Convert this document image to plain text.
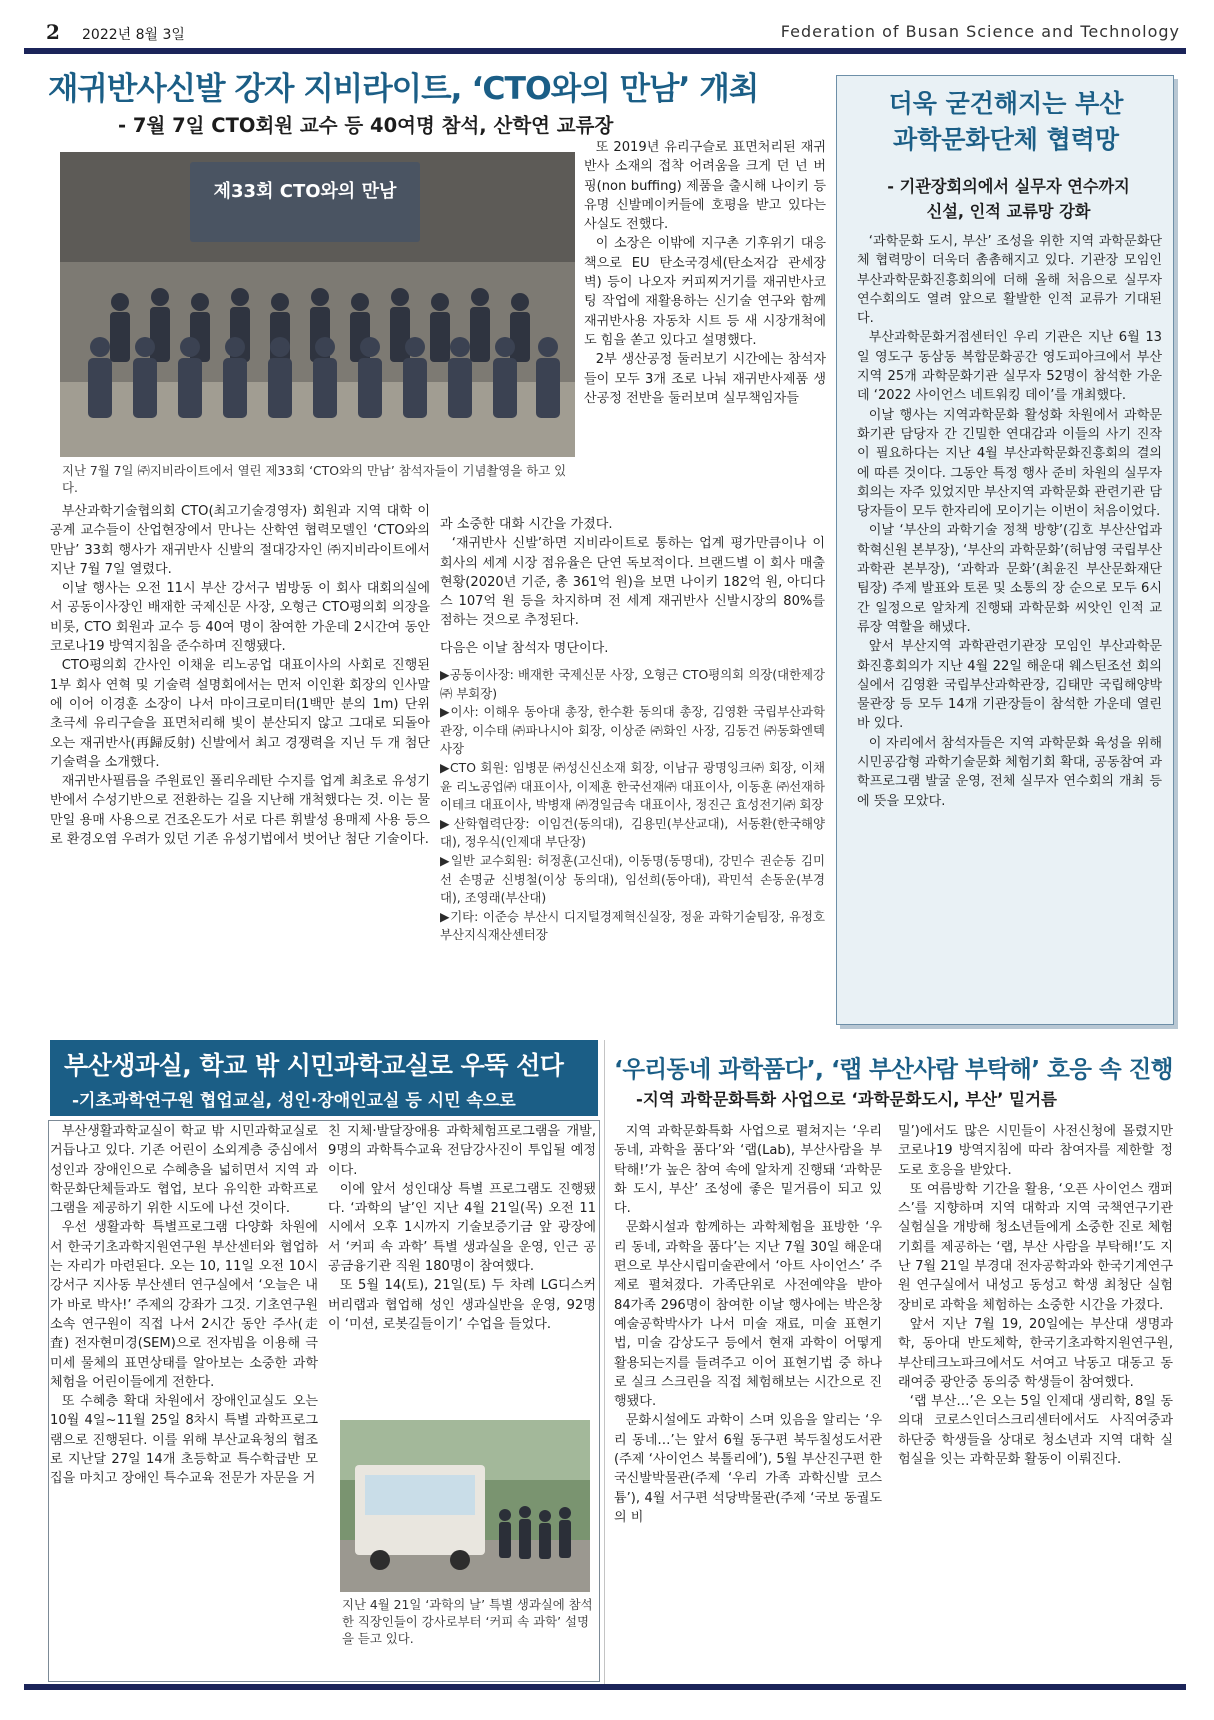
2 2022년 8월 3일	Federation of Busan Science and Technology
재귀반사신발 강자 지비라이트, ‘CTO와의 만남’ 개최
- 7월 7일 CTO회원 교수 등 40여명 참석, 산학연 교류장
제33회 CTO와의 만남
지난 7월 7일 ㈜지비라이트에서 열린 제33회 ‘CTO와의 만남’ 참석자들이 기념촬영을 하고 있다.

또 2019년 유리구슬로 표면처리된 재귀반사 소재의 접착 어려움을 크게 던 넌 버핑(non buffing) 제품을 출시해 나이키 등 유명 신발메이커들에 호평을 받고 있다는 사실도 전했다.

이 소장은 이밖에 지구촌 기후위기 대응책으로 EU 탄소국경세(탄소저감 관세장벽) 등이 나오자 커피찌거기를 재귀반사코팅 작업에 재활용하는 신기술 연구와 함께 재귀반사용 자동차 시트 등 새 시장개척에도 힘을 쏟고 있다고 설명했다.

2부 생산공정 둘러보기 시간에는 참석자들이 모두 3개 조로 나눠 재귀반사제품 생산공정 전반을 둘러보며 실무책임자들

부산과학기술협의회 CTO(최고기술경영자) 회원과 지역 대학 이공계 교수들이 산업현장에서 만나는 산학연 협력모델인 ‘CTO와의 만남’ 33회 행사가 재귀반사 신발의 절대강자인 ㈜지비라이트에서 지난 7월 7일 열렸다.

이날 행사는 오전 11시 부산 강서구 범방동 이 회사 대회의실에서 공동이사장인 배재한 국제신문 사장, 오형근 CTO평의회 의장을 비롯, CTO 회원과 교수 등 40여 명이 참여한 가운데 2시간여 동안 코로나19 방역지침을 준수하며 진행됐다.

CTO평의회 간사인 이채윤 리노공업 대표이사의 사회로 진행된 1부 회사 연혁 및 기술력 설명회에서는 먼저 이인환 회장의 인사말에 이어 이경훈 소장이 나서 마이크로미터(1백만 분의 1m) 단위 초극세 유리구슬을 표면처리해 빛이 분산되지 않고 그대로 되돌아오는 재귀반사(再歸反射) 신발에서 최고 경쟁력을 지닌 두 개 첨단기술력을 소개했다.

재귀반사필름을 주원료인 폴리우레탄 수지를 업계 최초로 유성기반에서 수성기반으로 전환하는 길을 지난해 개척했다는 것. 이는 물 만일 용매 사용으로 건조온도가 서로 다른 휘발성 용매제 사용 등으로 환경오염 우려가 있던 기존 유성기법에서 벗어난 첨단 기술이다.

과 소중한 대화 시간을 가졌다.

‘재귀반사 신발’하면 지비라이트로 통하는 업계 평가만큼이나 이 회사의 세계 시장 점유율은 단연 독보적이다. 브랜드별 이 회사 매출 현황(2020년 기준, 총 361억 원)을 보면 나이키 182억 원, 아디다스 107억 원 등을 차지하며 전 세계 재귀반사 신발시장의 80%를 점하는 것으로 추정된다.

다음은 이날 참석자 명단이다.

▶공동이사장: 배재한 국제신문 사장, 오형근 CTO평의회 의장(대한제강㈜ 부회장)
▶이사: 이해우 동아대 총장, 한수환 동의대 총장, 김영환 국립부산과학관장, 이수태 ㈜파나시아 회장, 이상준 ㈜화인 사장, 김동건 ㈜동화엔텍 사장
▶CTO 회원: 임병문 ㈜성신신소재 회장, 이남규 광명잉크㈜ 회장, 이채윤 리노공업㈜ 대표이사, 이제훈 한국선재㈜ 대표이사, 이동훈 ㈜선재하이테크 대표이사, 박병재 ㈜경일금속 대표이사, 정진근 효성전기㈜ 회장
▶산학협력단장: 이임건(동의대), 김용민(부산교대), 서동환(한국해양대), 정우식(인제대 부단장)
▶일반 교수회원: 허정훈(고신대), 이동명(동명대), 강민수 권순동 김미선 손명균 신병철(이상 동의대), 임선희(동아대), 곽민석 손동운(부경대), 조영래(부산대)
▶기타: 이준승 부산시 디지털경제혁신실장, 정윤 과학기술팀장, 유정호 부산지식재산센터장
더욱 굳건해지는 부산
과학문화단체 협력망
- 기관장회의에서 실무자 연수까지
신설, 인적 교류망 강화

‘과학문화 도시, 부산’ 조성을 위한 지역 과학문화단체 협력망이 더욱더 촘촘해지고 있다. 기관장 모임인 부산과학문화진흥회의에 더해 올해 처음으로 실무자 연수회의도 열려 앞으로 활발한 인적 교류가 기대된다.

부산과학문화거점센터인 우리 기관은 지난 6월 13일 영도구 동삼동 복합문화공간 영도피아크에서 부산지역 25개 과학문화기관 실무자 52명이 참석한 가운데 ‘2022 사이언스 네트워킹 데이’를 개최했다.

이날 행사는 지역과학문화 활성화 차원에서 과학문화기관 담당자 간 긴밀한 연대감과 이들의 사기 진작이 필요하다는 지난 4월 부산과학문화진흥회의 결의에 따른 것이다. 그동안 특정 행사 준비 차원의 실무자 회의는 자주 있었지만 부산지역 과학문화 관련기관 담당자들이 모두 한자리에 모이기는 이번이 처음이었다.

이날 ‘부산의 과학기술 정책 방향’(김호 부산산업과학혁신원 본부장), ‘부산의 과학문화’(허남영 국립부산과학관 본부장), ‘과학과 문화’(최윤진 부산문화재단 팀장) 주제 발표와 토론 및 소통의 장 순으로 모두 6시간 일정으로 알차게 진행돼 과학문화 씨앗인 인적 교류장 역할을 해냈다.

앞서 부산지역 과학관련기관장 모임인 부산과학문화진흥회의가 지난 4월 22일 해운대 웨스틴조선 회의실에서 김영환 국립부산과학관장, 김태만 국립해양박물관장 등 모두 14개 기관장들이 참석한 가운데 열린 바 있다.

이 자리에서 참석자들은 지역 과학문화 육성을 위해 시민공감형 과학기술문화 체험기회 확대, 공동참여 과학프로그램 발굴 운영, 전체 실무자 연수회의 개최 등에 뜻을 모았다.

부산생과실, 학교 밖 시민과학교실로 우뚝 선다
-기초과학연구원 협업교실, 성인·장애인교실 등 시민 속으로

부산생활과학교실이 학교 밖 시민과학교실로 거듭나고 있다. 기존 어린이 소외계층 중심에서 성인과 장애인으로 수혜층을 넓히면서 지역 과학문화단체들과도 협업, 보다 유익한 과학프로그램을 제공하기 위한 시도에 나선 것이다.

우선 생활과학 특별프로그램 다양화 차원에서 한국기초과학지원연구원 부산센터와 협업하는 자리가 마련된다. 오는 10, 11일 오전 10시 강서구 지사동 부산센터 연구실에서 ‘오늘은 내가 바로 박사!’ 주제의 강좌가 그것. 기초연구원 소속 연구원이 직접 나서 2시간 동안 주사(走査) 전자현미경(SEM)으로 전자빔을 이용해 극미세 물체의 표면상태를 알아보는 소중한 과학체험을 어린이들에게 전한다.

또 수혜층 확대 차원에서 장애인교실도 오는 10월 4일~11월 25일 8차시 특별 과학프로그램으로 진행된다. 이를 위해 부산교육청의 협조로 지난달 27일 14개 초등학교 특수학급반 모집을 마치고 장애인 특수교육 전문가 자문을 거

친 지체·발달장애용 과학체험프로그램을 개발, 9명의 과학특수교육 전담강사진이 투입될 예정이다.

이에 앞서 성인대상 특별 프로그램도 진행됐다. ‘과학의 날’인 지난 4월 21일(목) 오전 11시에서 오후 1시까지 기술보증기금 앞 광장에서 ‘커피 속 과학’ 특별 생과실을 운영, 인근 공공금융기관 직원 180명이 참여했다.

또 5월 14(토), 21일(토) 두 차례 LG디스커버리랩과 협업해 성인 생과실반을 운영, 92명이 ‘미션, 로봇길들이기’ 수업을 들었다.

지난 4월 21일 ‘과학의 날’ 특별 생과실에 참석한 직장인들이 강사로부터 ‘커피 속 과학’ 설명을 듣고 있다.
‘우리동네 과학품다’, ‘랩 부산사람 부탁해’ 호응 속 진행
-지역 과학문화특화 사업으로 ‘과학문화도시, 부산’ 밑거름

지역 과학문화특화 사업으로 펼쳐지는 ‘우리 동네, 과학을 품다’와 ‘랩(Lab), 부산사람을 부탁해!’가 높은 참여 속에 알차게 진행돼 ‘과학문화 도시, 부산’ 조성에 좋은 밑거름이 되고 있다.

문화시설과 함께하는 과학체험을 표방한 ‘우리 동네, 과학을 품다’는 지난 7월 30일 해운대편으로 부산시립미술관에서 ‘아트 사이언스’ 주제로 펼쳐졌다. 가족단위로 사전예약을 받아 84가족 296명이 참여한 이날 행사에는 박은창 예술공학박사가 나서 미술 재료, 미술 표현기법, 미술 감상도구 등에서 현재 과학이 어떻게 활용되는지를 들려주고 이어 표현기법 중 하나로 실크 스크린을 직접 체험해보는 시간으로 진행됐다.

문화시설에도 과학이 스며 있음을 알리는 ‘우리 동네…’는 앞서 6월 동구편 북두칠성도서관(주제 ‘사이언스 북톨리에’), 5월 부산진구편 한국신발박물관(주제 ‘우리 가족 과학신발 코스튬’), 4월 서구편 석당박물관(주제 ‘국보 동궐도의 비

밀’)에서도 많은 시민들이 사전신청에 몰렸지만 코로나19 방역지침에 따라 참여자를 제한할 정도로 호응을 받았다.

또 여름방학 기간을 활용, ‘오픈 사이언스 캠퍼스’를 지향하며 지역 대학과 지역 국책연구기관 실험실을 개방해 청소년들에게 소중한 진로 체험 기회를 제공하는 ‘랩, 부산 사람을 부탁해!’도 지난 7월 21일 부경대 전자공학과와 한국기계연구원 연구실에서 내성고 동성고 학생 최청단 실험장비로 과학을 체험하는 소중한 시간을 가졌다.

앞서 지난 7월 19, 20일에는 부산대 생명과학, 동아대 반도체학, 한국기초과학지원연구원, 부산테크노파크에서도 서여고 낙동고 대동고 동래여중 광안중 동의중 학생들이 참여했다.

‘랩 부산…’은 오는 5일 인제대 생리학, 8일 동의대 코로스인더스크리센터에서도 사직여중과 하단중 학생들을 상대로 청소년과 지역 대학 실험실을 잇는 과학문화 활동이 이뤄진다.
